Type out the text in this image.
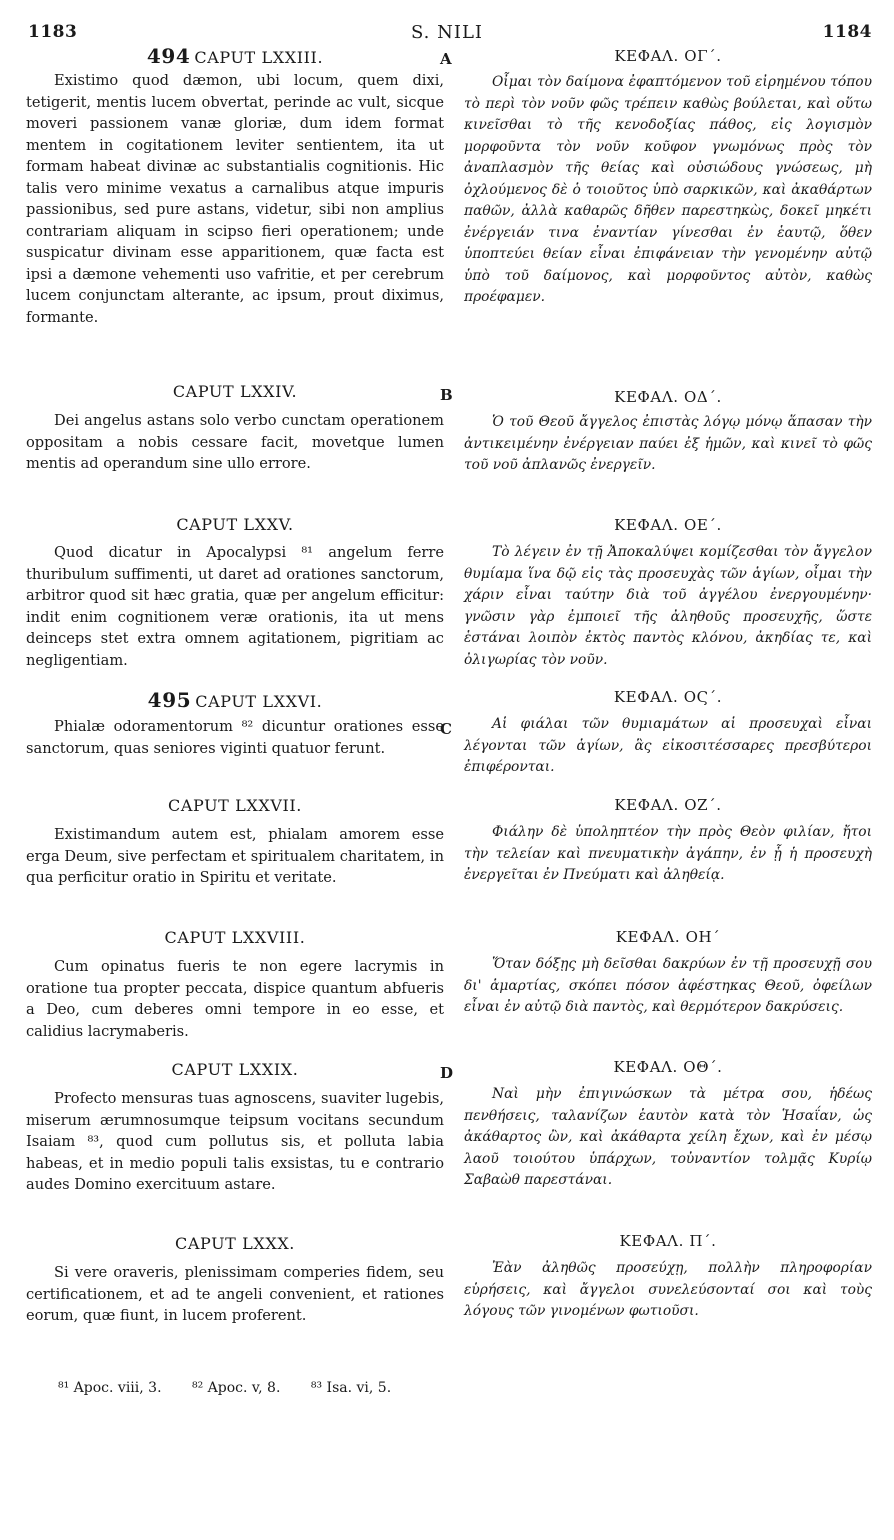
1183	S. NILI	1184
494 CAPUT LXXIII.
Existimo quod dæmon, ubi locum, quem dixi, tetigerit, mentis lucem obvertat, perinde ac vult, sicque moveri passionem vanæ gloriæ, dum idem format mentem in cogitationem leviter sentientem, ita ut formam habeat divinæ ac substantialis cognitionis. Hic talis vero minime vexatus a carnalibus atque impuris passionibus, sed pure astans, videtur, sibi non amplius contrariam aliquam in scipso fieri operationem; unde suspicatur divinam esse apparitionem, quæ facta est ipsi a dæmone vehementi uso vafritie, et per cerebrum lucem conjunctam alterante, ac ipsum, prout diximus, formante.
CAPUT LXXIV.
Dei angelus astans solo verbo cunctam operationem oppositam a nobis cessare facit, movetque lumen mentis ad operandum sine ullo errore.
CAPUT LXXV.
Quod dicatur in Apocalypsi ⁸¹ angelum ferre thuribulum suffimenti, ut daret ad orationes sanctorum, arbitror quod sit hæc gratia, quæ per angelum efficitur: indit enim cognitionem veræ orationis, ita ut mens deinceps stet extra omnem agitationem, pigritiam ac negligentiam.
495 CAPUT LXXVI.
Phialæ odoramentorum ⁸² dicuntur orationes esse sanctorum, quas seniores viginti quatuor ferunt.
CAPUT LXXVII.
Existimandum autem est, phialam amorem esse erga Deum, sive perfectam et spiritualem charitatem, in qua perficitur oratio in Spiritu et veritate.
CAPUT LXXVIII.
Cum opinatus fueris te non egere lacrymis in oratione tua propter peccata, dispice quantum abfueris a Deo, cum deberes omni tempore in eo esse, et calidius lacrymaberis.
CAPUT LXXIX.
Profecto mensuras tuas agnoscens, suaviter lugebis, miserum ærumnosumque teipsum vocitans secundum Isaiam ⁸³, quod cum pollutus sis, et polluta labia habeas, et in medio populi talis exsistas, tu e contrario audes Domino exercituum astare.
CAPUT LXXX.
Si vere oraveris, plenissimam comperies fidem, seu certificationem, et ad te angeli convenient, et rationes eorum, quæ fiunt, in lucem proferent.
A
B
C
D
ΚΕΦΑΛ. ΟΓ΄.
Οἶμαι τὸν δαίμονα ἐφαπτόμενον τοῦ εἰρημένου τόπου τὸ περὶ τὸν νοῦν φῶς τρέπειν καθὼς βούλεται, καὶ οὕτω κινεῖσθαι τὸ τῆς κενοδοξίας πάθος, εἰς λογισμὸν μορφοῦντα τὸν νοῦν κοῦφον γνωμόνως πρὸς τὸν ἀναπλασμὸν τῆς θείας καὶ οὐσιώδους γνώσεως, μὴ ὀχλούμενος δὲ ὁ τοιοῦτος ὑπὸ σαρκικῶν, καὶ ἀκαθάρτων παθῶν, ἀλλὰ καθαρῶς δῆθεν παρεστηκὼς, δοκεῖ μηκέτι ἐνέργειάν τινα ἐναντίαν γίνεσθαι ἐν ἑαυτῷ, ὅθεν ὑποπτεύει θείαν εἶναι ἐπιφάνειαν τὴν γενομένην αὐτῷ ὑπὸ τοῦ δαίμονος, καὶ μορφοῦντος αὐτὸν, καθὼς προέφαμεν.
ΚΕΦΑΛ. ΟΔ΄.
Ὁ τοῦ Θεοῦ ἄγγελος ἐπιστὰς λόγῳ μόνῳ ἅπασαν τὴν ἀντικειμένην ἐνέργειαν παύει ἐξ ἡμῶν, καὶ κινεῖ τὸ φῶς τοῦ νοῦ ἀπλανῶς ἐνεργεῖν.
ΚΕΦΑΛ. ΟΕ΄.
Τὸ λέγειν ἐν τῇ Ἀποκαλύψει κομίζεσθαι τὸν ἄγγελον θυμίαμα ἵνα δῷ εἰς τὰς προσευχὰς τῶν ἁγίων, οἶμαι τὴν χάριν εἶναι ταύτην διὰ τοῦ ἀγγέλου ἐνεργουμένην· γνῶσιν γὰρ ἐμποιεῖ τῆς ἀληθοῦς προσευχῆς, ὥστε ἑστάναι λοιπὸν ἐκτὸς παντὸς κλόνου, ἀκηδίας τε, καὶ ὀλιγωρίας τὸν νοῦν.
ΚΕΦΑΛ. ΟϚ΄.
Αἱ φιάλαι τῶν θυμιαμάτων αἱ προσευχαὶ εἶναι λέγονται τῶν ἁγίων, ἃς εἰκοσιτέσσαρες πρεσβύτεροι ἐπιφέρονται.
ΚΕΦΑΛ. ΟΖ΄.
Φιάλην δὲ ὑποληπτέον τὴν πρὸς Θεὸν φιλίαν, ἤτοι τὴν τελείαν καὶ πνευματικὴν ἀγάπην, ἐν ᾗ ἡ προσευχὴ ἐνεργεῖται ἐν Πνεύματι καὶ ἀληθείᾳ.
ΚΕΦΑΛ. ΟΗ΄
Ὅταν δόξῃς μὴ δεῖσθαι δακρύων ἐν τῇ προσευχῇ σου δι' ἁμαρτίας, σκόπει πόσον ἀφέστηκας Θεοῦ, ὀφείλων εἶναι ἐν αὐτῷ διὰ παντὸς, καὶ θερμότερον δακρύσεις.
ΚΕΦΑΛ. ΟΘ΄.
Ναὶ μὴν ἐπιγινώσκων τὰ μέτρα σου, ἡδέως πενθήσεις, ταλανίζων ἑαυτὸν κατὰ τὸν Ἡσαΐαν, ὡς ἀκάθαρτος ὢν, καὶ ἀκάθαρτα χείλη ἔχων, καὶ ἐν μέσῳ λαοῦ τοιούτου ὑπάρχων, τοὐναντίον τολμᾷς Κυρίῳ Σαβαὼθ παρεστάναι.
ΚΕΦΑΛ. Π΄.
Ἐὰν ἀληθῶς προσεύχῃ, πολλὴν πληροφορίαν εὑρήσεις, καὶ ἄγγελοι συνελεύσονταί σοι καὶ τοὺς λόγους τῶν γινομένων φωτιοῦσι.
⁸¹ Apoc. viii, 3. ⁸² Apoc. v, 8. ⁸³ Isa. vi, 5.
